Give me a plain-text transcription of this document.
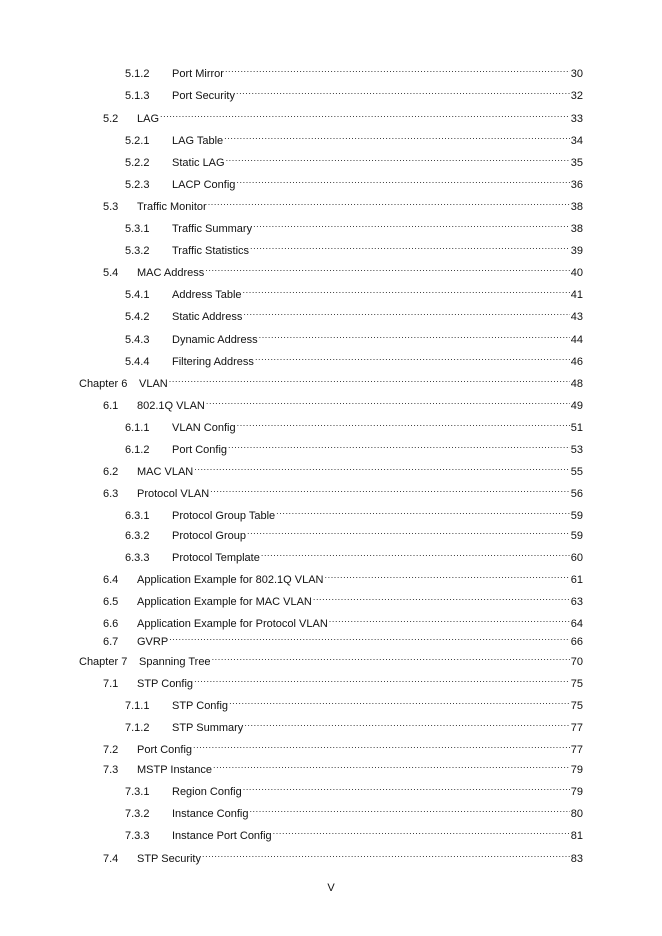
5.1.2	Port Mirror .....	30
5.1.3	Port Security .....	32
5.2	LAG .....	33
5.2.1	LAG Table .....	34
5.2.2	Static LAG .....	35
5.2.3	LACP Config .....	36
5.3	Traffic Monitor .....	38
5.3.1	Traffic Summary .....	38
5.3.2	Traffic Statistics .....	39
5.4	MAC Address .....	40
5.4.1	Address Table .....	41
5.4.2	Static Address .....	43
5.4.3	Dynamic Address .....	44
5.4.4	Filtering Address .....	46
Chapter 6	VLAN .....	48
6.1	802.1Q VLAN .....	49
6.1.1	VLAN Config .....	51
6.1.2	Port Config .....	53
6.2	MAC VLAN .....	55
6.3	Protocol VLAN .....	56
6.3.1	Protocol Group Table .....	59
6.3.2	Protocol Group .....	59
6.3.3	Protocol Template .....	60
6.4	Application Example for 802.1Q VLAN .....	61
6.5	Application Example for MAC VLAN .....	63
6.6	Application Example for Protocol VLAN .....	64
6.7	GVRP .....	66
Chapter 7	Spanning Tree .....	70
7.1	STP Config .....	75
7.1.1	STP Config .....	75
7.1.2	STP Summary .....	77
7.2	Port Config .....	77
7.3	MSTP Instance .....	79
7.3.1	Region Config .....	79
7.3.2	Instance Config .....	80
7.3.3	Instance Port Config .....	81
7.4	STP Security .....	83
V
